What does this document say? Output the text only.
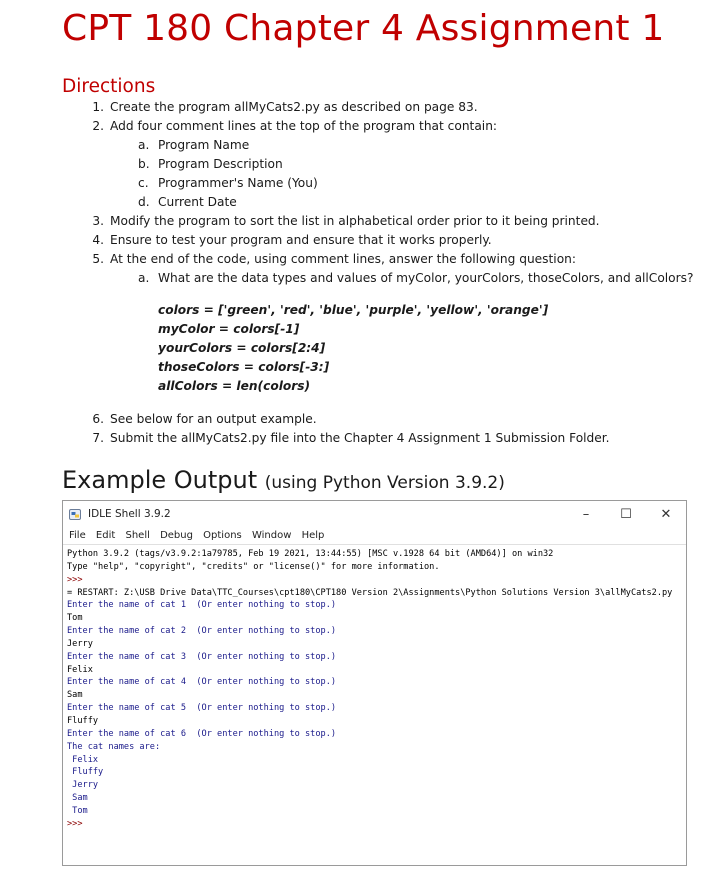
CPT 180 Chapter 4 Assignment 1
Directions
1. Create the program allMyCats2.py as described on page 83.
2. Add four comment lines at the top of the program that contain:
a. Program Name
b. Program Description
c. Programmer's Name (You)
d. Current Date
3. Modify the program to sort the list in alphabetical order prior to it being printed.
4. Ensure to test your program and ensure that it works properly.
5. At the end of the code, using comment lines, answer the following question:
a. What are the data types and values of myColor, yourColors, thoseColors, and allColors?
colors = ['green', 'red', 'blue', 'purple', 'yellow', 'orange']
myColor = colors[-1]
yourColors = colors[2:4]
thoseColors = colors[-3:]
allColors = len(colors)
6. See below for an output example.
7. Submit the allMyCats2.py file into the Chapter 4 Assignment 1 Submission Folder.
Example Output (using Python Version 3.9.2)
IDLE Shell 3.9.2	–	☐	✕
File Edit Shell Debug Options Window Help
Python 3.9.2 (tags/v3.9.2:1a79785, Feb 19 2021, 13:44:55) [MSC v.1928 64 bit (AMD64)] on win32
Type "help", "copyright", "credits" or "license()" for more information.
>>>
= RESTART: Z:\USB Drive Data\TTC_Courses\cpt180\CPT180 Version 2\Assignments\Python Solutions Version 3\allMyCats2.py
Enter the name of cat 1  (Or enter nothing to stop.)
Tom
Enter the name of cat 2  (Or enter nothing to stop.)
Jerry
Enter the name of cat 3  (Or enter nothing to stop.)
Felix
Enter the name of cat 4  (Or enter nothing to stop.)
Sam
Enter the name of cat 5  (Or enter nothing to stop.)
Fluffy
Enter the name of cat 6  (Or enter nothing to stop.)
The cat names are:
Felix
Fluffy
Jerry
Sam
Tom
>>>
